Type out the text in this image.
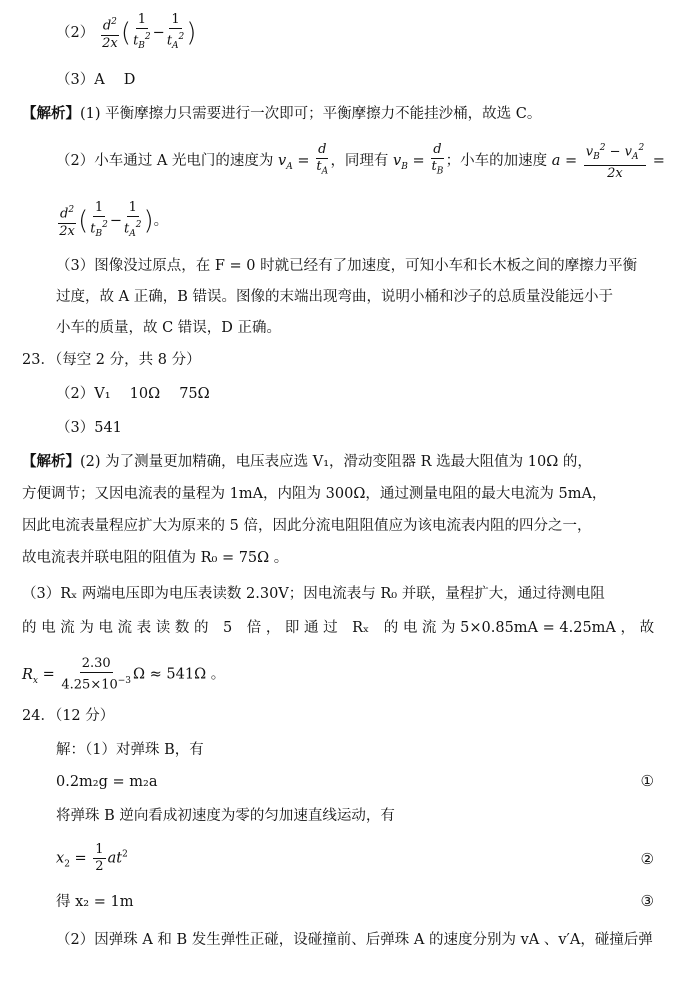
$(2) \frac{d^2}{2x}$ ( $\frac{1}{t_B^2} - \frac{1}{t_A^2}$ )
（3）A　 D
【解析】(1) 平衡摩擦力只需要进行一次即可；平衡摩擦力不能挂沙桶，故选 C。
（2）小车通过 A 光电门的速度为 $v_A = \frac{d}{t_A}$ ，同理有 $v_B = \frac{d}{t_B}$ ；小车的加速度 $a = \frac{v_B^2 - v_A^2}{2x}$ =
$\frac{d^2}{2x}$ ( $\frac{1}{t_B^2} - \frac{1}{t_A^2}$ )。
（3）图像没过原点，在 F = 0 时就已经有了加速度，可知小车和长木板之间的摩擦力平衡
过度，故 A 正确，B 错误。图像的末端出现弯曲，说明小桶和沙子的总质量没能远小于
小车的质量，故 C 错误，D 正确。
23．（每空 2 分，共 8 分）
（2）V₁　 10Ω　 75Ω
（3）541
【解析】(2) 为了测量更加精确，电压表应选 V₁，滑动变阻器 R 选最大阻值为 10Ω 的，
方便调节；又因电流表的量程为 1mA，内阻为 300Ω，通过测量电阻的最大电流为 5mA，
因此电流表量程应扩大为原来的 5 倍，因此分流电阻阻值应为该电流表内阻的四分之一，
故电流表并联电阻的阻值为 R₀ = 75Ω 。
（3）Rₓ 两端电压即为电压表读数 2.30V；因电流表与 R₀ 并联，量程扩大，通过待测电阻
的 电 流 为 电 流 表 读 数 的　5　倍 ， 即 通 过　Rₓ　的 电 流 为 5×0.85mA = 4.25mA ， 故
$R_x = \frac{2.30}{4.25\times 10^{-3}}$ Ω ≈ 541Ω 。
24．（12 分）
解：（1）对弹珠 B，有
0.2m₂g = m₂a	①
将弹珠 B 逆向看成初速度为零的匀加速直线运动，有
$x_2 = \frac{1}{2} at^2$	②
得 x₂ = 1m	③
（2）因弹珠 A 和 B 发生弹性正碰，设碰撞前、后弹珠 A 的速度分别为 vA 、v′A，碰撞后弹
